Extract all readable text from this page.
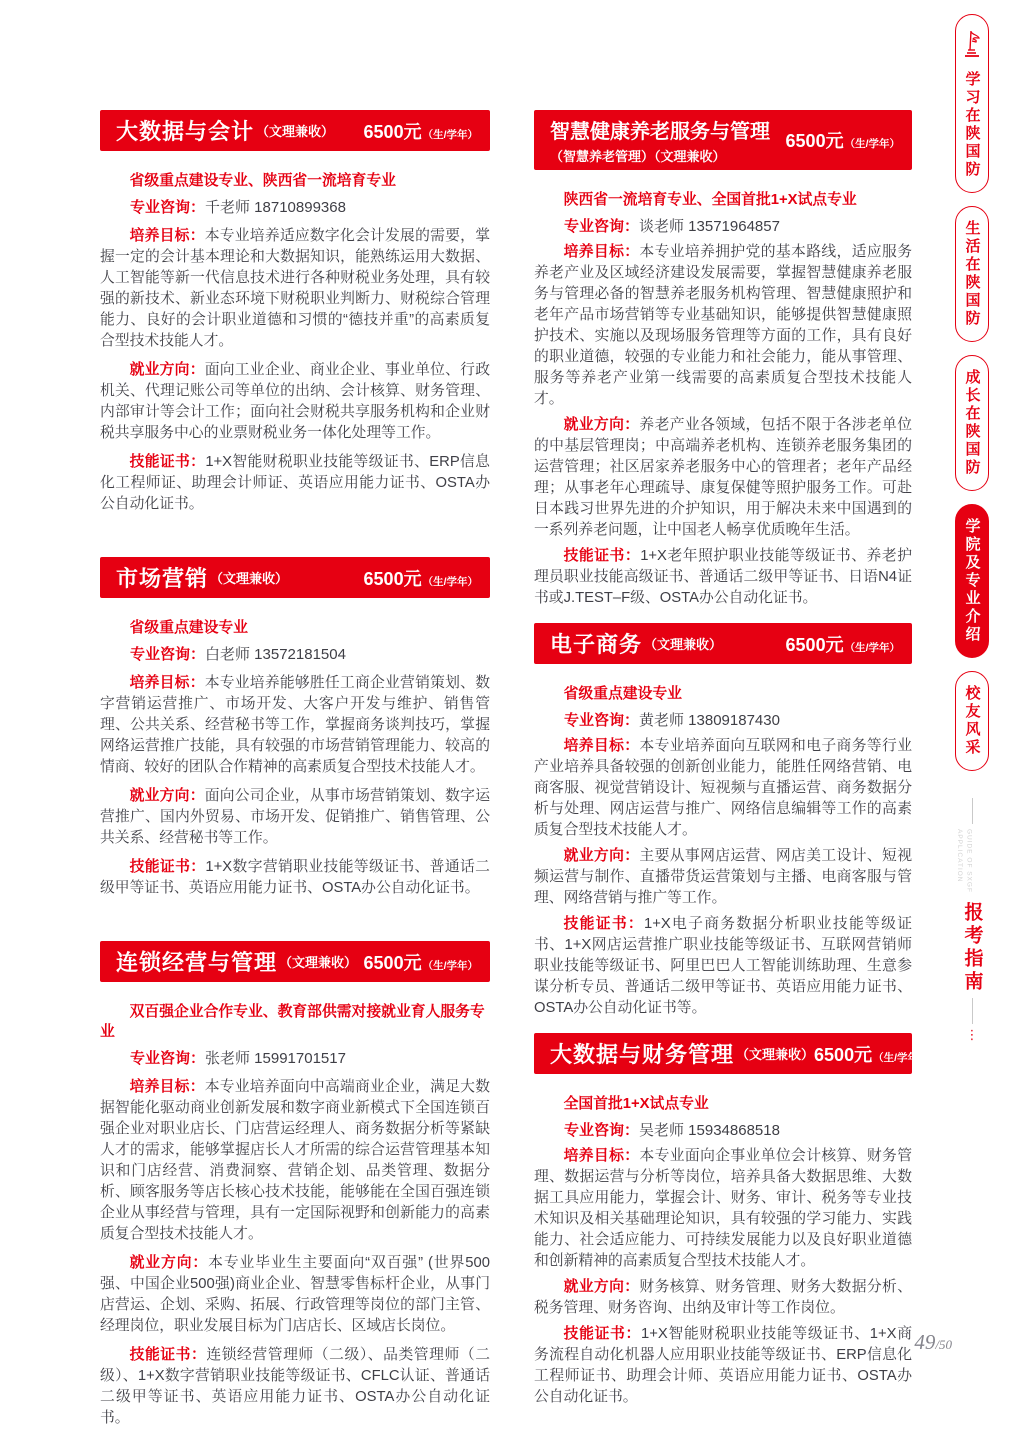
大数据与会计 （文理兼收） 6500元 （生/学年）

省级重点建设专业、陕西省一流培育专业

专业咨询：千老师 18710899368

培养目标：本专业培养适应数字化会计发展的需要，掌握一定的会计基本理论和大数据知识，能熟练运用大数据、人工智能等新一代信息技术进行各种财税业务处理，具有较强的新技术、新业态环境下财税职业判断力、财税综合管理能力、良好的会计职业道德和习惯的“德技并重”的高素质复合型技术技能人才。

就业方向：面向工业企业、商业企业、事业单位、行政机关、代理记账公司等单位的出纳、会计核算、财务管理、内部审计等会计工作；面向社会财税共享服务机构和企业财税共享服务中心的业票财税业务一体化处理等工作。

技能证书：1+X智能财税职业技能等级证书、ERP信息化工程师证、助理会计师证、英语应用能力证书、OSTA办公自动化证书。

市场营销 （文理兼收）	6500元 （生/学年）

省级重点建设专业

专业咨询：白老师 13572181504

培养目标：本专业培养能够胜任工商企业营销策划、数字营销运营推广、市场开发、大客户开发与维护、销售管理、公共关系、经营秘书等工作，掌握商务谈判技巧，掌握网络运营推广技能，具有较强的市场营销管理能力、较高的情商、较好的团队合作精神的高素质复合型技术技能人才。

就业方向：面向公司企业，从事市场营销策划、数字运营推广、国内外贸易、市场开发、促销推广、销售管理、公共关系、经营秘书等工作。

技能证书：1+X数字营销职业技能等级证书、普通话二级甲等证书、英语应用能力证书、OSTA办公自动化证书。

连锁经营与管理 （文理兼收） 6500元 （生/学年）

双百强企业合作专业、教育部供需对接就业育人服务专业

专业咨询：张老师 15991701517

培养目标：本专业培养面向中高端商业企业，满足大数据智能化驱动商业创新发展和数字商业新模式下全国连锁百强企业对职业店长、门店营运经理人、商务数据分析等紧缺人才的需求，能够掌握店长人才所需的综合运营管理基本知识和门店经营、消费洞察、营销企划、品类管理、数据分析、顾客服务等店长核心技术技能，能够能在全国百强连锁企业从事经营与管理，具有一定国际视野和创新能力的高素质复合型技术技能人才。

就业方向：本专业毕业生主要面向“双百强” (世界500强、中国企业500强)商业企业、智慧零售标杆企业，从事门店营运、企划、采购、拓展、行政管理等岗位的部门主管、经理岗位，职业发展目标为门店店长、区域店长岗位。

技能证书：连锁经营管理师（二级）、品类管理师（二级）、1+X数字营销职业技能等级证书、CFLC认证、普通话二级甲等证书、英语应用能力证书、OSTA办公自动化证书。

智慧健康养老服务与管理
（智慧养老管理）（文理兼收）
6500元 （生/学年）

陕西省一流培育专业、全国首批1+X试点专业

专业咨询：谈老师 13571964857

培养目标：本专业培养拥护党的基本路线，适应服务养老产业及区域经济建设发展需要，掌握智慧健康养老服务与管理必备的智慧养老服务机构管理、智慧健康照护和老年产品市场营销等专业基础知识，能够提供智慧健康照护技术、实施以及现场服务管理等方面的工作，具有良好的职业道德，较强的专业能力和社会能力，能从事管理、服务等养老产业第一线需要的高素质复合型技术技能人才。

就业方向：养老产业各领域，包括不限于各涉老单位的中基层管理岗；中高端养老机构、连锁养老服务集团的运营管理；社区居家养老服务中心的管理者；老年产品经理；从事老年心理疏导、康复保健等照护服务工作。可赴日本践习世界先进的介护知识，用于解决未来中国遇到的一系列养老问题，让中国老人畅享优质晚年生活。

技能证书：1+X老年照护职业技能等级证书、养老护理员职业技能高级证书、普通话二级甲等证书、日语N4证书或J.TEST–F级、OSTA办公自动化证书。

电子商务 （文理兼收）	6500元 （生/学年）

省级重点建设专业

专业咨询：黄老师 13809187430

培养目标：本专业培养面向互联网和电子商务等行业产业培养具备较强的创新创业能力，能胜任网络营销、电商客服、视觉营销设计、短视频与直播运营、商务数据分析与处理、网店运营与推广、网络信息编辑等工作的高素质复合型技术技能人才。

就业方向：主要从事网店运营、网店美工设计、短视频运营与制作、直播带货运营策划与主播、电商客服与管理、网络营销与推广等工作。

技能证书：1+X电子商务数据分析职业技能等级证书、1+X网店运营推广职业技能等级证书、互联网营销师职业技能等级证书、阿里巴巴人工智能训练助理、生意参谋分析专员、普通话二级甲等证书、英语应用能力证书、OSTA办公自动化证书等。

大数据与财务管理 （文理兼收） 6500元 （生/学年）

全国首批1+X试点专业

专业咨询：吴老师 15934868518

培养目标：本专业面向企事业单位会计核算、财务管理、数据运营与分析等岗位，培养具备大数据思维、大数据工具应用能力，掌握会计、财务、审计、税务等专业技术知识及相关基础理论知识，具有较强的学习能力、实践能力、社会适应能力、可持续发展能力以及良好职业道德和创新精神的高素质复合型技术技能人才。

就业方向：财务核算、财务管理、财务大数据分析、税务管理、财务咨询、出纳及审计等工作岗位。

技能证书：1+X智能财税职业技能等级证书、1+X商务流程自动化机器人应用职业技能等级证书、ERP信息化工程师证书、助理会计师、英语应用能力证书、OSTA办公自动化证书。

学习在陕国防
生活在陕国防
成长在陕国防
学院及专业介绍
校友风采
APPLICATION GUIDE OF SXGF
报考指南
⋮
49/50
